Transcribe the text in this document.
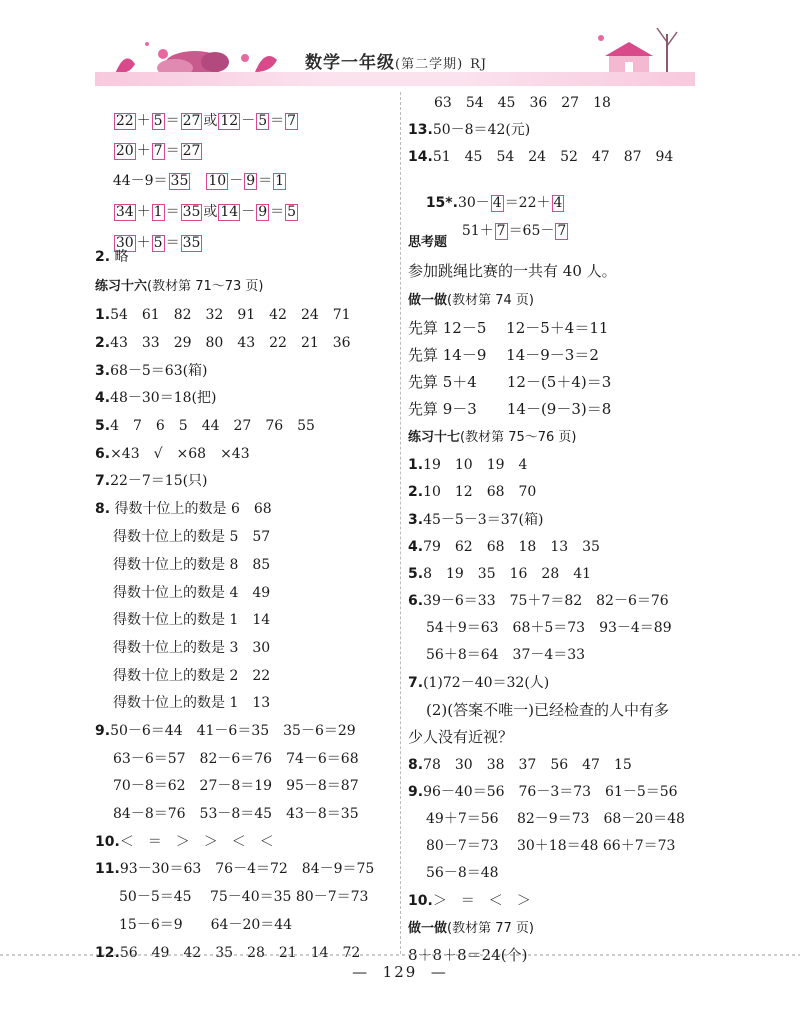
数学一年级(第二学期) RJ

22 ＋ 5 ＝ 27 或 12 － 5 ＝ 7

20 ＋ 7 ＝ 27

44－9＝ 35　 10 － 9 ＝ 1

34 ＋ 1 ＝ 35 或 14 － 9 ＝ 5

30 ＋ 5 ＝ 35

2. 略
练习十六(教材第 71～73 页)
1.54　61　82　32　91　42　24　71
2.43　33　29　80　43　22　21　36
3.68－5＝63(箱)
4.48－30＝18(把)
5.4　7　6　5　44　27　76　55
6.×43　√　×68　×43
7.22－7＝15(只)
8. 得数十位上的数是 6　68
得数十位上的数是 5　57
得数十位上的数是 8　85
得数十位上的数是 4　49
得数十位上的数是 1　14
得数十位上的数是 3　30
得数十位上的数是 2　22
得数十位上的数是 1　13
9.50－6＝44　41－6＝35　35－6＝29
63－6＝57　82－6＝76　74－6＝68
70－8＝62　27－8＝19　95－8＝87
84－8＝76　53－8＝45　43－8＝35
10.＜　＝　＞　＞　＜　＜
11.93－30＝63　76－4＝72　84－9＝75
50－5＝45　 75－40＝35 80－7＝73
15－6＝9　　64－20＝44
12.56　49　42　35　28　21　14　72
63　54　45　36　27　18
13.50－8＝42(元)
14.51　45　54　24　52　47　87　94

15*.30－ 4 ＝22＋ 4

51＋ 7 ＝65－ 7

思考题
参加跳绳比赛的一共有 40 人。
做一做(教材第 74 页)
先算 12－5　 12－5＋4＝11
先算 14－9　 14－9－3＝2
先算 5＋4　　12－(5＋4)＝3
先算 9－3　　14－(9－3)＝8
练习十七(教材第 75～76 页)
1.19　10　19　4
2.10　12　68　70
3.45－5－3＝37(箱)
4.79　62　68　18　13　35
5.8　19　35　16　28　41
6.39－6＝33　75＋7＝82　82－6＝76
54＋9＝63　68＋5＝73　93－4＝89
56＋8＝64　37－4＝33
7.(1)72－40＝32(人)
(2)(答案不唯一)已经检查的人中有多
少人没有近视？
8.78　30　38　37　56　47　15
9.96－40＝56　76－3＝73　61－5＝56
49＋7＝56　 82－9＝73　68－20＝48
80－7＝73　 30＋18＝48 66＋7＝73
56－8＝48
10.＞　＝　＜　＞
做一做(教材第 77 页)
8＋8＋8＝24(个)
—  129  —
